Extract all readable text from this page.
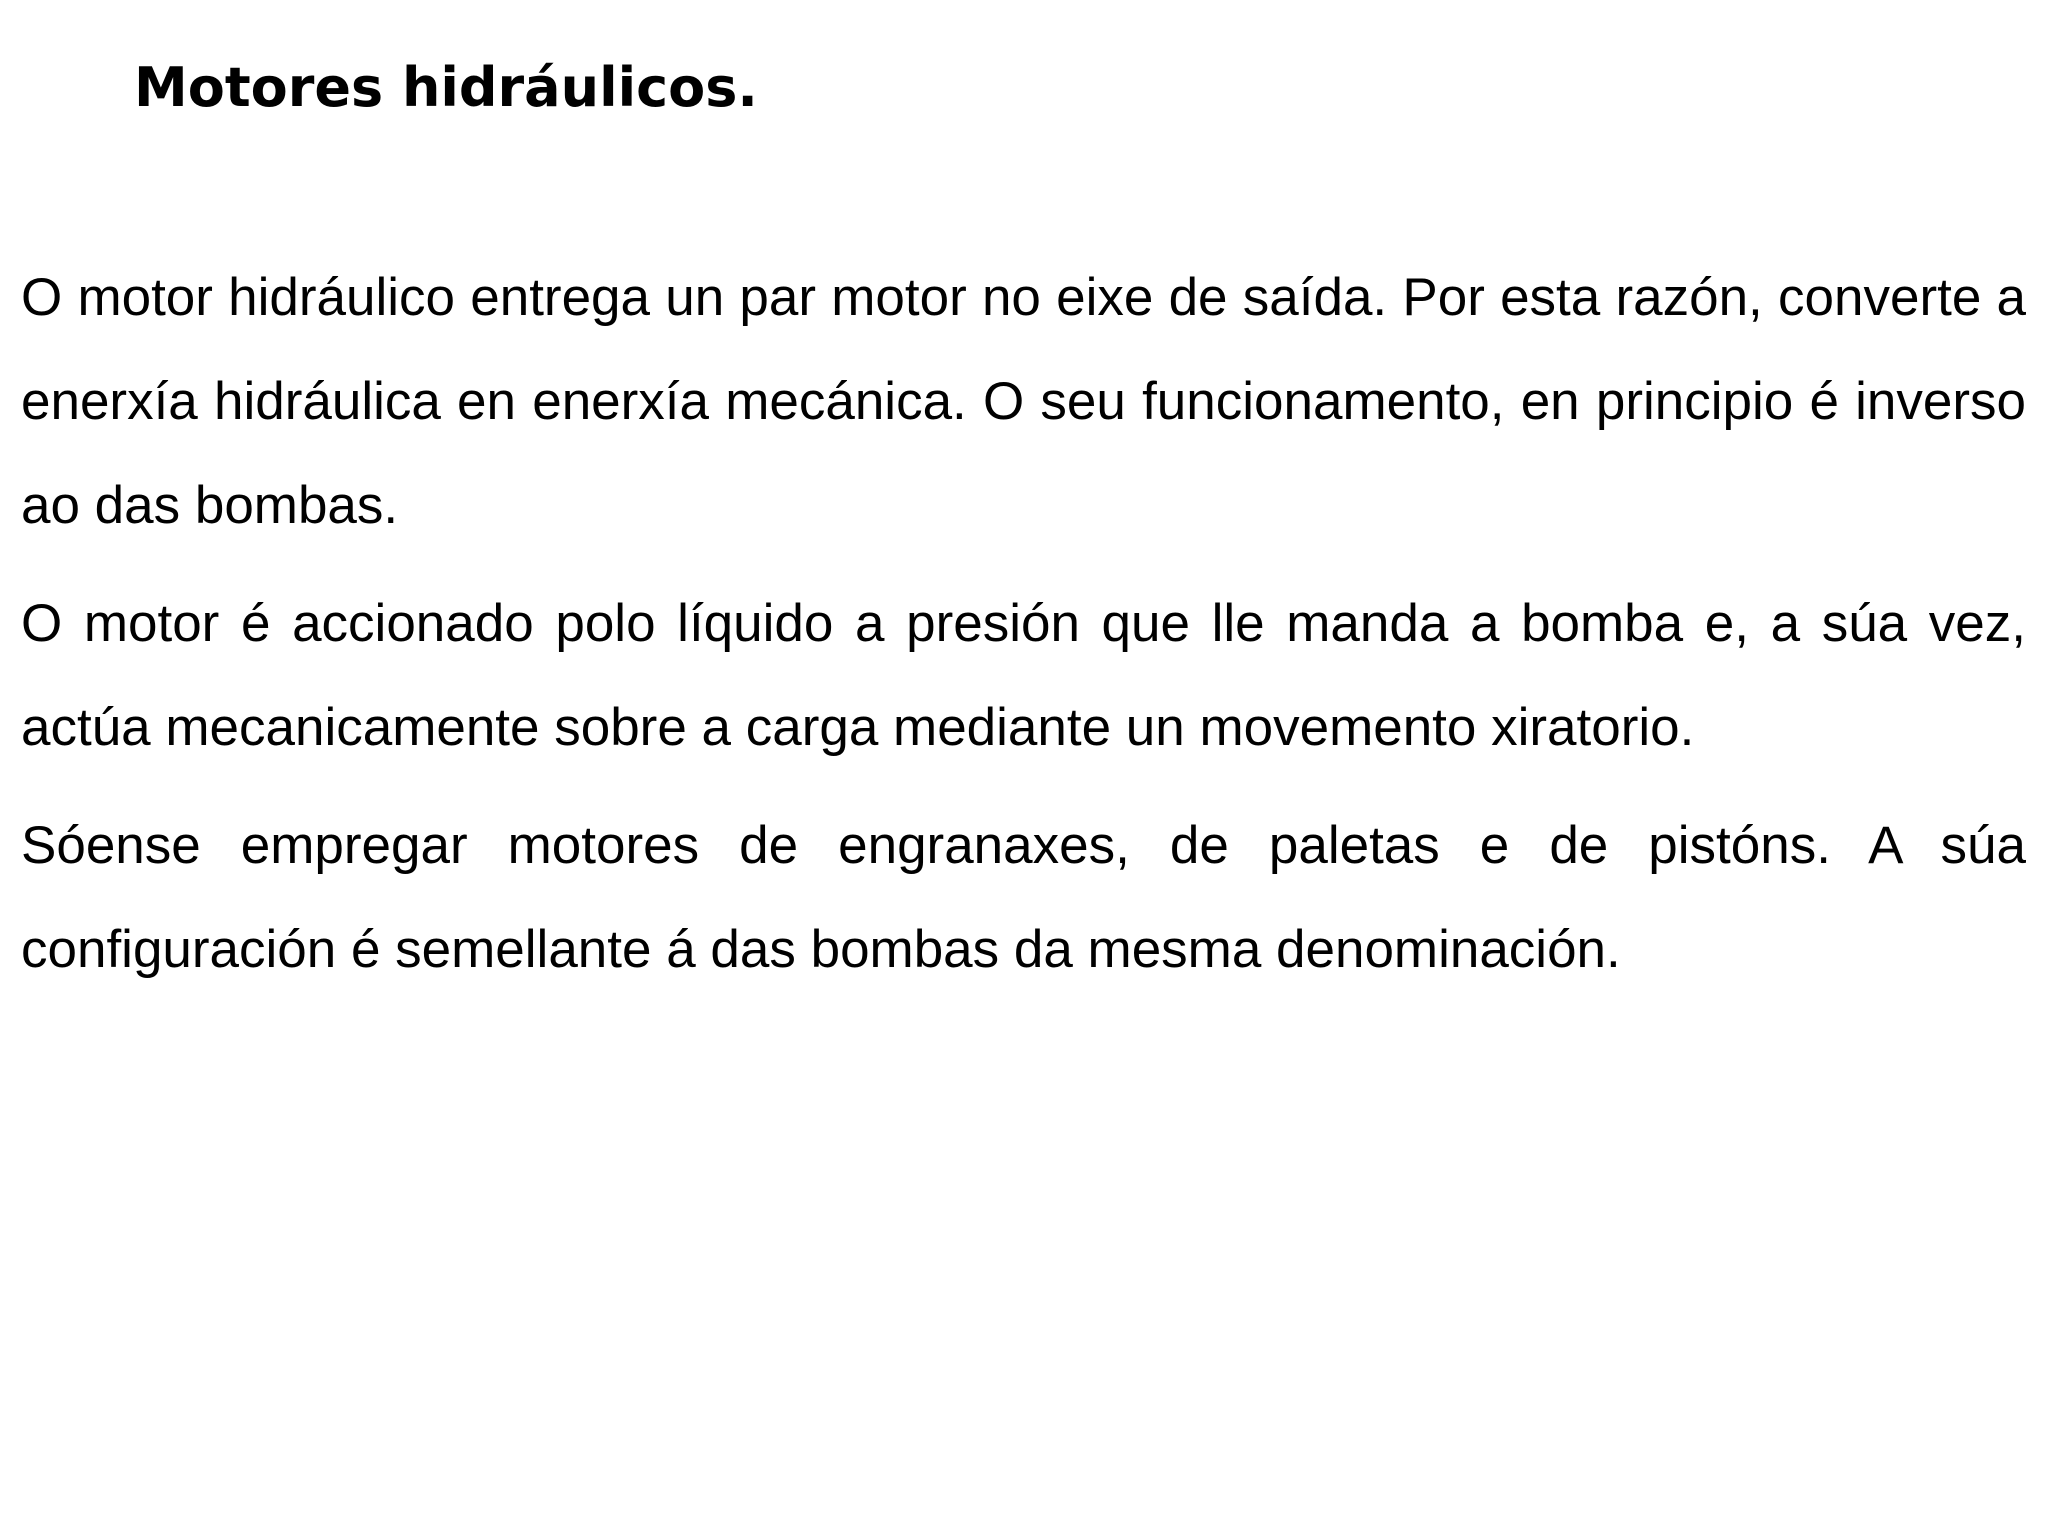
Motores hidráulicos.

O motor hidráulico entrega un par motor no eixe de saída. Por esta razón, converte a enerxía hidráulica en enerxía mecánica. O seu funcionamento, en principio é inverso ao das bombas.

O motor é accionado polo líquido a presión que lle manda a bomba e, a súa vez, actúa mecanicamente sobre a carga mediante un movemento xiratorio.

Sóense empregar motores de engranaxes, de paletas e de pistóns. A súa configuración é semellante á das bombas da mesma denominación.
